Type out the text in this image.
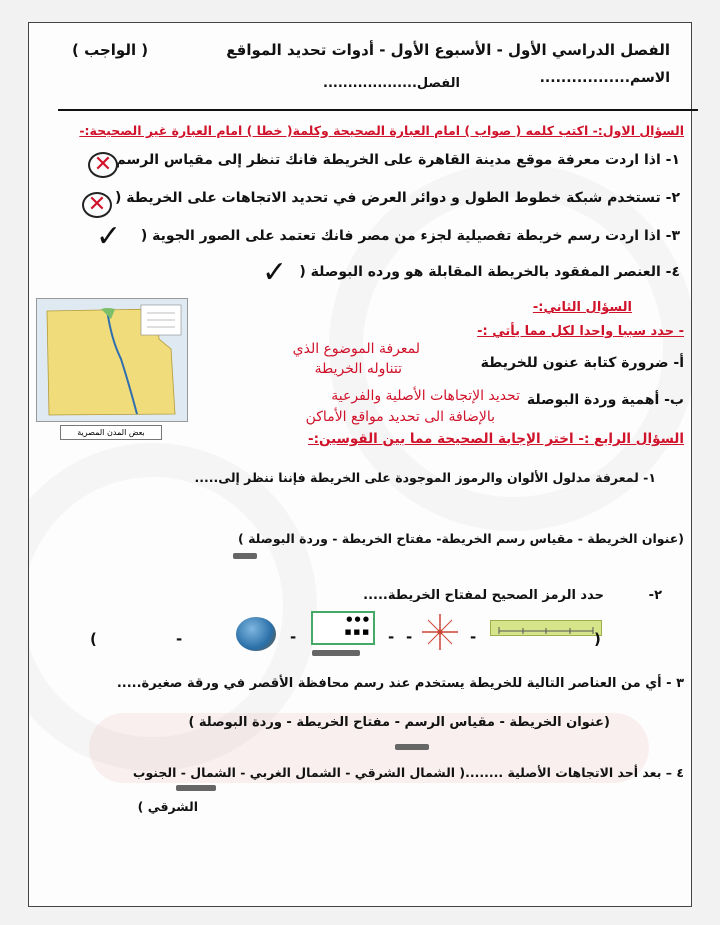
الفصل الدراسي الأول - الأسبوع الأول - أدوات تحديد المواقع
( الواجب )
الاسم.................
الفصل...................
السؤال الاول:- اكتب كلمه ( صواب ) امام العبارة الصحيحة وكلمة( خطا ) امام العبارة غير الصحيحة:-
١- اذا اردت معرفة موقع مدينة القاهرة على الخريطة فانك تنظر إلى مقياس الرسم
✕
٢- تستخدم شبكة خطوط الطول و دوائر العرض في تحديد الاتجاهات على الخريطة (
✕
٣- اذا اردت رسم خريطة تفصيلية لجزء من مصر فانك تعتمد على الصور الجوية (
✓
٤- العنصر المفقود بالخريطة المقابلة هو ورده البوصلة (
✓
بعض المدن المصرية
السؤال الثاني:-
- حدد سببا واحدا لكل مما يأتي :-
أ- ضرورة كتابة عنون للخريطة
لمعرفة الموضوع الذي
تتناوله الخريطة
ب- أهمية وردة البوصلة
تحديد الإتجاهات الأصلية والفرعية
بالإضافة الى تحديد مواقع الأماكن
السؤال الرابع :- اختر الإجابة الصحيحة مما بين القوسين:-
١- لمعرفة مدلول الألوان والرموز الموجودة على الخريطة فإننا ننظر إلى.....
(عنوان الخريطة - مقياس رسم الخريطة- مفتاح الخريطة - وردة البوصلة )
٢-
حدد الرمز الصحيح لمفتاح الخريطة.....
)	-	-
● ● ●
■ ■ ■ - -	-	(
٣ - أي من العناصر التالية للخريطة يستخدم عند رسم محافظة الأقصر في ورقة صغيرة.....
(عنوان الخريطة - مقياس الرسم - مفتاح الخريطة - وردة البوصلة )
٤ – بعد أحد الاتجاهات الأصلية ........( الشمال الشرقي - الشمال الغربي - الشمال - الجنوب
الشرقي )
